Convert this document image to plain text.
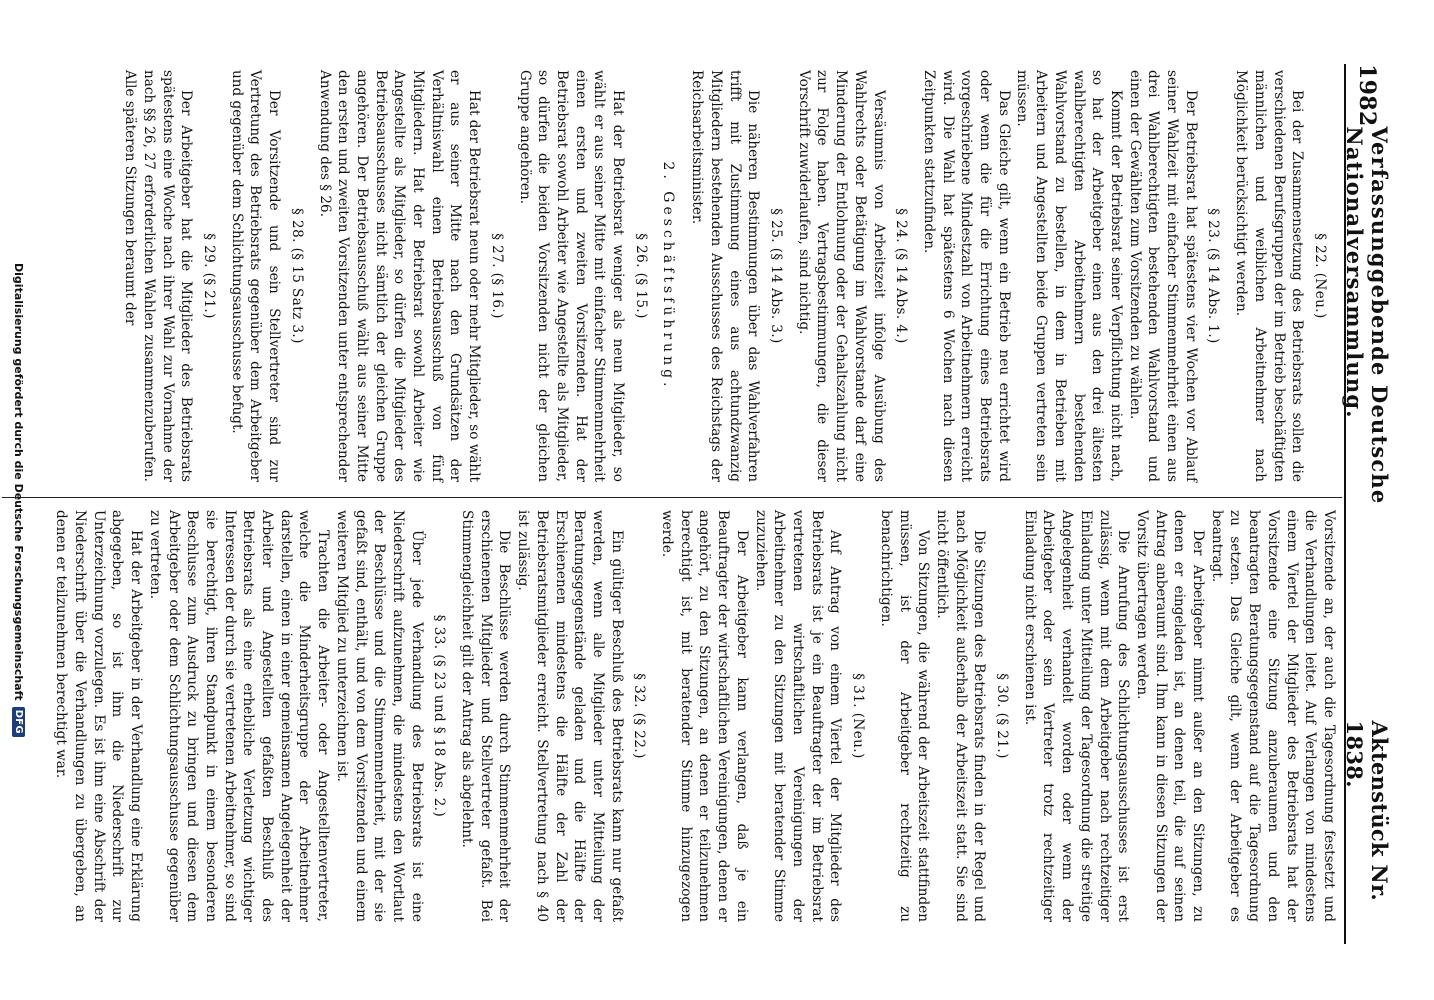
1982
Verfassunggebende Deutsche Nationalversammlung.
Aktenstück Nr. 1838.

§ 22. (Neu.)

Bei der Zusammensetzung des Betriebsrats sollen die verschiedenen Berufsgruppen der im Betrieb beschäftigten männlichen und weiblichen Arbeitnehmer nach Möglichkeit berücksichtigt werden.

§ 23. (§ 14 Abs. 1.)

Der Betriebsrat hat spätestens vier Wochen vor Ablauf seiner Wahlzeit mit einfacher Stimmenmehrheit einen aus drei Wahlberechtigten bestehenden Wahlvorstand und einen der Gewählten zum Vorsitzenden zu wählen.

Kommt der Betriebsrat seiner Verpflichtung nicht nach, so hat der Arbeitgeber einen aus den drei ältesten wahlberechtigten Arbeitnehmern bestehenden Wahlvorstand zu bestellen, in dem in Betrieben mit Arbeitern und Angestellten beide Gruppen vertreten sein müssen.

Das Gleiche gilt, wenn ein Betrieb neu errichtet wird oder wenn die für die Errichtung eines Betriebsrats vorgeschriebene Mindestzahl von Arbeitnehmern erreicht wird. Die Wahl hat spätestens 6 Wochen nach diesen Zeitpunkten stattzufinden.

§ 24. (§ 14 Abs. 4.)

Versäumnis von Arbeitszeit infolge Ausübung des Wahlrechts oder Betätigung im Wahlvorstande darf eine Minderung der Entlohnung oder der Gehaltszahlung nicht zur Folge haben. Vertragsbestimmungen, die dieser Vorschrift zuwiderlaufen, sind nichtig.

§ 25. (§ 14 Abs. 3.)

Die näheren Bestimmungen über das Wahlverfahren trifft mit Zustimmung eines aus achtundzwanzig Mitgliedern bestehenden Ausschusses des Reichstags der Reichsarbeitsminister.

2. Geschäftsführung.

§ 26. (§ 15.)

Hat der Betriebsrat weniger als neun Mitglieder, so wählt er aus seiner Mitte mit einfacher Stimmenmehrheit einen ersten und zweiten Vorsitzenden. Hat der Betriebsrat sowohl Arbeiter wie Angestellte als Mitglieder, so dürfen die beiden Vorsitzenden nicht der gleichen Gruppe angehören.

§ 27. (§ 16.)

Hat der Betriebsrat neun oder mehr Mitglieder, so wählt er aus seiner Mitte nach den Grundsätzen der Verhältniswahl einen Betriebsausschuß von fünf Mitgliedern. Hat der Betriebsrat sowohl Arbeiter wie Angestellte als Mitglieder, so dürfen die Mitglieder des Betriebsausschusses nicht sämtlich der gleichen Gruppe angehören. Der Betriebsausschuß wählt aus seiner Mitte den ersten und zweiten Vorsitzenden unter entsprechender Anwendung des § 26.

§ 28. (§ 15 Satz 3.)

Der Vorsitzende und sein Stellvertreter sind zur Vertretung des Betriebsrats gegenüber dem Arbeitgeber und gegenüber dem Schlichtungsausschusse befugt.

§ 29. (§ 21.)

Der Arbeitgeber hat die Mitglieder des Betriebsrats spätestens eine Woche nach ihrer Wahl zur Vornahme der nach §§ 26, 27 erforderlichen Wahlen zusammenzuberufen. Alle späteren Sitzungen beraumt der

Vorsitzende an, der auch die Tagesordnung festsetzt und die Verhandlungen leitet. Auf Verlangen von mindestens einem Viertel der Mitglieder des Betriebsrats hat der Vorsitzende eine Sitzung anzuberaumen und den beantragten Beratungsgegenstand auf die Tagesordnung zu setzen. Das Gleiche gilt, wenn der Arbeitgeber es beantragt.

Der Arbeitgeber nimmt außer an den Sitzungen, zu denen er eingeladen ist, an denen teil, die auf seinen Antrag anberaumt sind. Ihm kann in diesen Sitzungen der Vorsitz übertragen werden.

Die Anrufung des Schlichtungsausschusses ist erst zulässig, wenn mit dem Arbeitgeber nach rechtzeitiger Einladung unter Mitteilung der Tagesordnung die streitige Angelegenheit verhandelt worden oder wenn der Arbeitgeber oder sein Vertreter trotz rechtzeitiger Einladung nicht erschienen ist.

§ 30. (§ 21.)

Die Sitzungen des Betriebsrats finden in der Regel und nach Möglichkeit außerhalb der Arbeitszeit statt. Sie sind nicht öffentlich.

Von Sitzungen, die während der Arbeitszeit stattfinden müssen, ist der Arbeitgeber rechtzeitig zu benachrichtigen.

§ 31. (Neu.)

Auf Antrag von einem Viertel der Mitglieder des Betriebsrats ist je ein Beauftragter der im Betriebsrat vertretenen wirtschaftlichen Vereinigungen der Arbeitnehmer zu den Sitzungen mit beratender Stimme zuzuziehen.

Der Arbeitgeber kann verlangen, daß je ein Beauftragter der wirtschaftlichen Vereinigungen, denen er angehört, zu den Sitzungen, an denen er teilzunehmen berechtigt ist, mit beratender Stimme hinzugezogen werde.

§ 32. (§ 22.)

Ein gültiger Beschluß des Betriebsrats kann nur gefaßt werden, wenn alle Mitglieder unter Mitteilung der Beratungsgegenstände geladen und die Hälfte der Erschienenen mindestens die Hälfte der Zahl der Betriebsratsmitglieder erreicht. Stellvertretung nach § 40 ist zulässig.

Die Beschlüsse werden durch Stimmenmehrheit der erschienenen Mitglieder und Stellvertreter gefaßt. Bei Stimmengleichheit gilt der Antrag als abgelehnt.

§ 33. (§ 23 und § 18 Abs. 2.)

Über jede Verhandlung des Betriebsrats ist eine Niederschrift aufzunehmen, die mindestens den Wortlaut der Beschlüsse und die Stimmenmehrheit, mit der sie gefaßt sind, enthält, und von dem Vorsitzenden und einem weiteren Mitglied zu unterzeichnen ist.

Trachten die Arbeiter- oder Angestelltenvertreter, welche die Minderheitsgruppe der Arbeitnehmer darstellen, einen in einer gemeinsamen Angelegenheit der Arbeiter und Angestellten gefaßten Beschluß des Betriebsrats als eine erhebliche Verletzung wichtiger Interessen der durch sie vertretenen Arbeitnehmer, so sind sie berechtigt, ihren Standpunkt in einem besonderen Beschlusse zum Ausdruck zu bringen und diesen dem Arbeitgeber oder dem Schlichtungsausschusse gegenüber zu vertreten.

Hat der Arbeitgeber in der Verhandlung eine Erklärung abgegeben, so ist ihm die Niederschrift zur Unterzeichnung vorzulegen. Es ist ihm eine Abschrift der Niederschrift über die Verhandlungen zu übergeben, an denen er teilzunehmen berechtigt war.

Digitalisierung gefördert durch die Deutsche Forschungsgemeinschaft
DFG
